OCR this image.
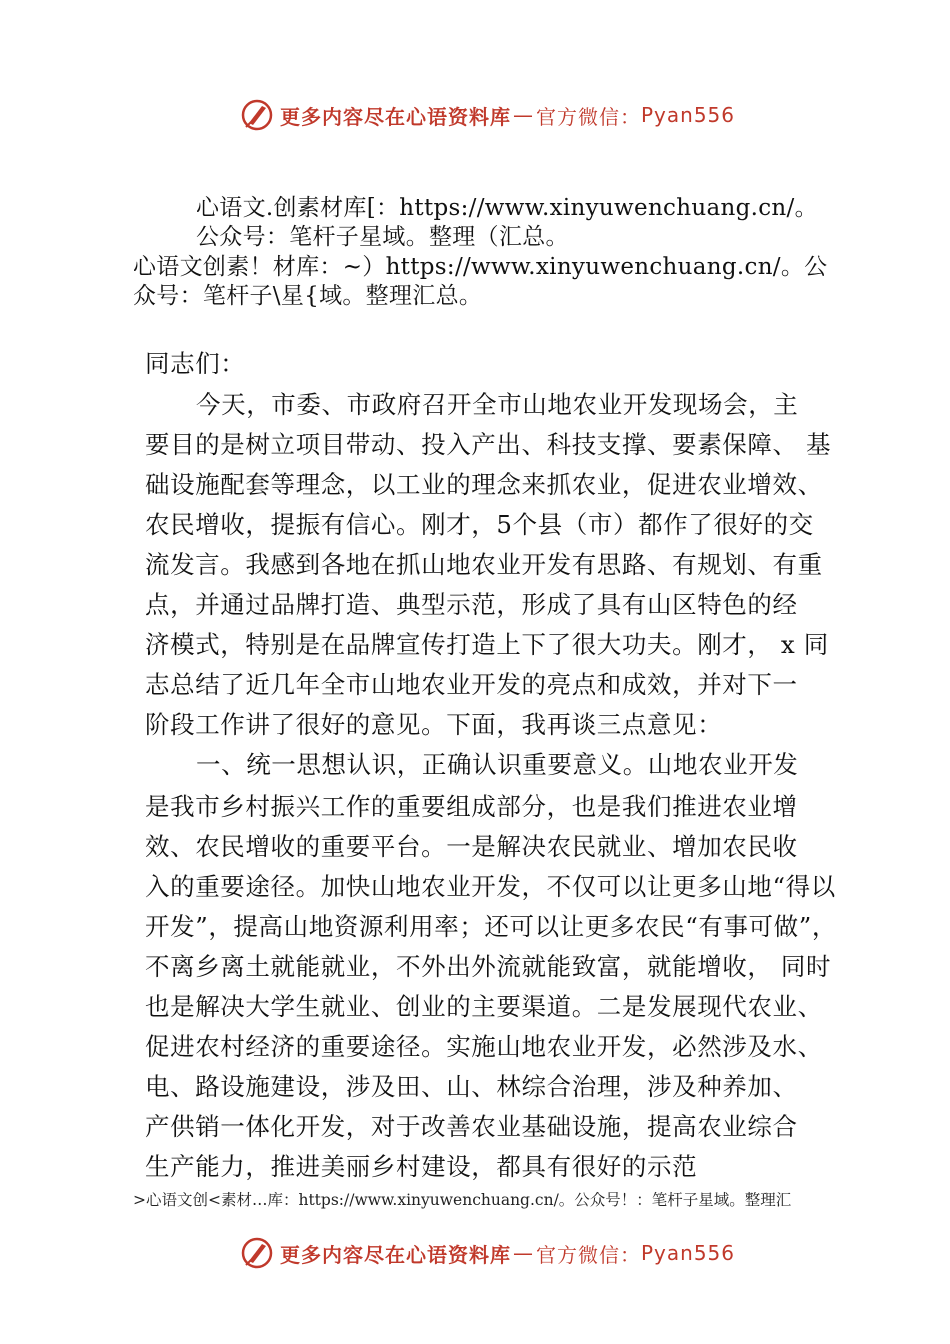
更多内容尽在心语资料库 — 官方微信： Pyan556
心语文.创素材库[：https://www.xinyuwenchuang.cn/。
公众号：笔杆子星域。整理（汇总。
心语文创素！材库：~）https://www.xinyuwenchuang.cn/。公
众号：笔杆子\星{域。整理汇总。
同志们：
今天，市委、市政府召开全市山地农业开发现场会，主
要目的是树立项目带动、投入产出、科技支撑、要素保障、 基
础设施配套等理念，以工业的理念来抓农业，促进农业增效、
农民增收，提振有信心。刚才，5个县（市）都作了很好的交
流发言。我感到各地在抓山地农业开发有思路、有规划、有重
点，并通过品牌打造、典型示范，形成了具有山区特色的经
济模式，特别是在品牌宣传打造上下了很大功夫。刚才， x 同
志总结了近几年全市山地农业开发的亮点和成效，并对下一
阶段工作讲了很好的意见。下面，我再谈三点意见：
一、统一思想认识，正确认识重要意义。山地农业开发
是我市乡村振兴工作的重要组成部分，也是我们推进农业增
效、农民增收的重要平台。一是解决农民就业、增加农民收
入的重要途径。加快山地农业开发，不仅可以让更多山地“得以
开发”，提高山地资源利用率；还可以让更多农民“有事可做”，
不离乡离土就能就业，不外出外流就能致富，就能增收， 同时
也是解决大学生就业、创业的主要渠道。二是发展现代农业、
促进农村经济的重要途径。实施山地农业开发，必然涉及水、
电、路设施建设，涉及田、山、林综合治理，涉及种养加、
产供销一体化开发，对于改善农业基础设施，提高农业综合
生产能力，推进美丽乡村建设，都具有很好的示范
>心语文创<素材…库：https://www.xinyuwenchuang.cn/。公众号！：笔杆子星域。整理汇
更多内容尽在心语资料库 — 官方微信： Pyan556
